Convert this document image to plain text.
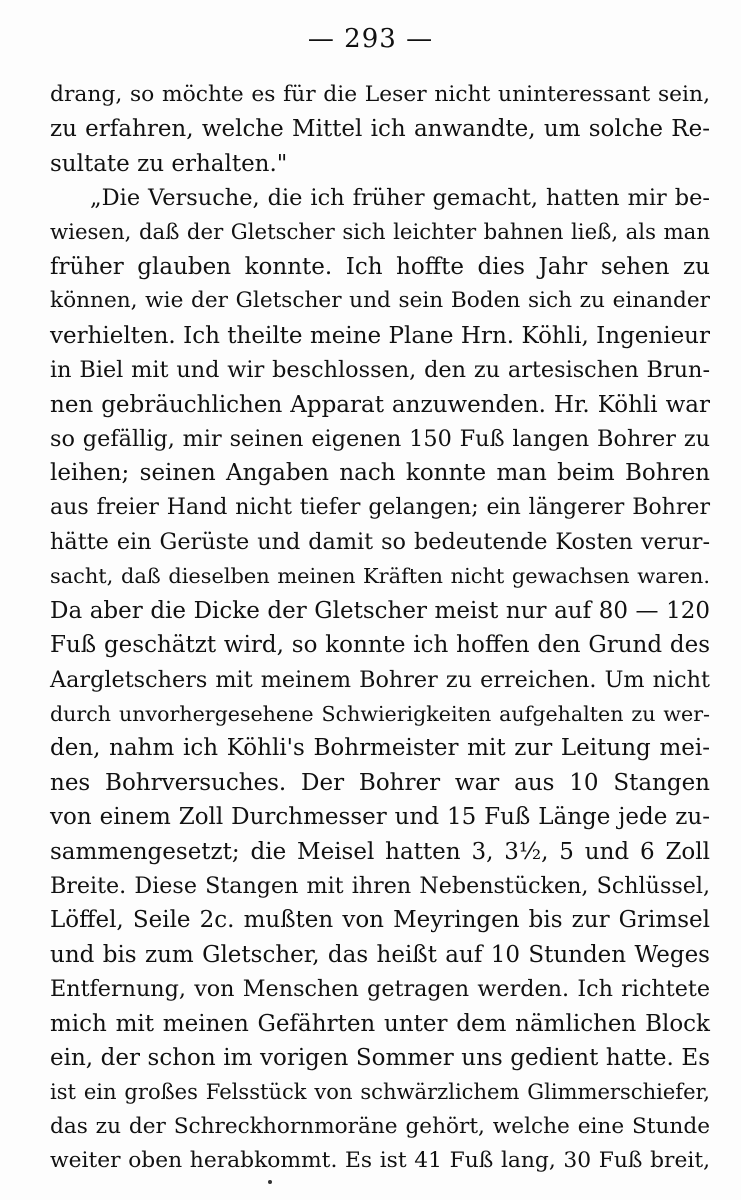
— 293 —
drang, so möchte es für die Leser nicht uninteressant sein,
zu erfahren, welche Mittel ich anwandte, um solche Re-
sultate zu erhalten."
„Die Versuche, die ich früher gemacht, hatten mir be-
wiesen, daß der Gletscher sich leichter bahnen ließ, als man
früher glauben konnte. Ich hoffte dies Jahr sehen zu
können, wie der Gletscher und sein Boden sich zu einander
verhielten. Ich theilte meine Plane Hrn. Köhli, Ingenieur
in Biel mit und wir beschlossen, den zu artesischen Brun-
nen gebräuchlichen Apparat anzuwenden. Hr. Köhli war
so gefällig, mir seinen eigenen 150 Fuß langen Bohrer zu
leihen; seinen Angaben nach konnte man beim Bohren
aus freier Hand nicht tiefer gelangen; ein längerer Bohrer
hätte ein Gerüste und damit so bedeutende Kosten verur-
sacht, daß dieselben meinen Kräften nicht gewachsen waren.
Da aber die Dicke der Gletscher meist nur auf 80 — 120
Fuß geschätzt wird, so konnte ich hoffen den Grund des
Aargletschers mit meinem Bohrer zu erreichen. Um nicht
durch unvorhergesehene Schwierigkeiten aufgehalten zu wer-
den, nahm ich Köhli's Bohrmeister mit zur Leitung mei-
nes Bohrversuches. Der Bohrer war aus 10 Stangen
von einem Zoll Durchmesser und 15 Fuß Länge jede zu-
sammengesetzt; die Meisel hatten 3, 3½, 5 und 6 Zoll
Breite. Diese Stangen mit ihren Nebenstücken, Schlüssel,
Löffel, Seile 2c. mußten von Meyringen bis zur Grimsel
und bis zum Gletscher, das heißt auf 10 Stunden Weges
Entfernung, von Menschen getragen werden. Ich richtete
mich mit meinen Gefährten unter dem nämlichen Block
ein, der schon im vorigen Sommer uns gedient hatte. Es
ist ein großes Felsstück von schwärzlichem Glimmerschiefer,
das zu der Schreckhornmoräne gehört, welche eine Stunde
weiter oben herabkommt. Es ist 41 Fuß lang, 30 Fuß breit,
